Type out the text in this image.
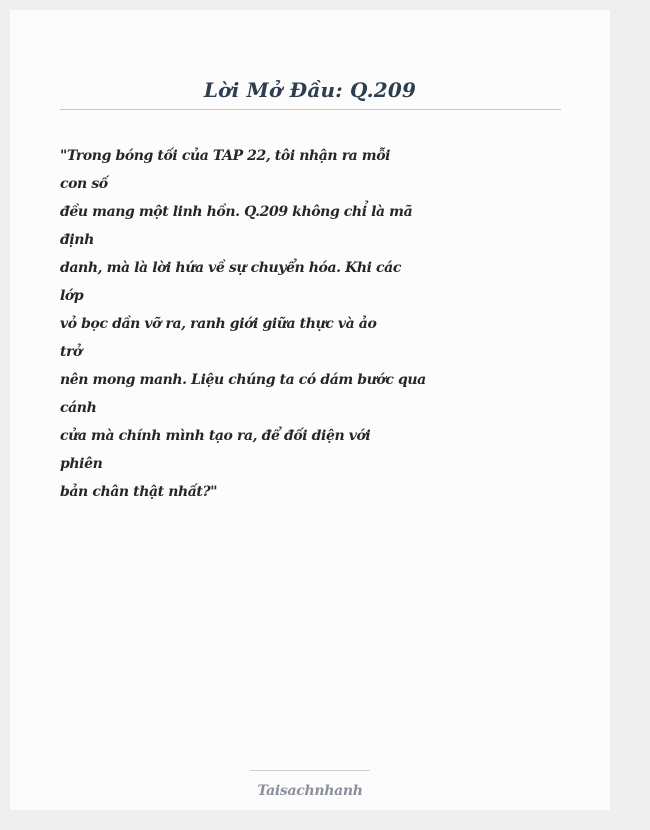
Lời Mở Đầu: Q.209
"Trong bóng tối của TAP 22, tôi nhận ra mỗi
con số
đều mang một linh hồn. Q.209 không chỉ là mã
định
danh, mà là lời hứa về sự chuyển hóa. Khi các
lớp
vỏ bọc dần vỡ ra, ranh giới giữa thực và ảo
trở
nên mong manh. Liệu chúng ta có dám bước qua
cánh
cửa mà chính mình tạo ra, để đối diện với
phiên
bản chân thật nhất?"
Taisachnhanh
